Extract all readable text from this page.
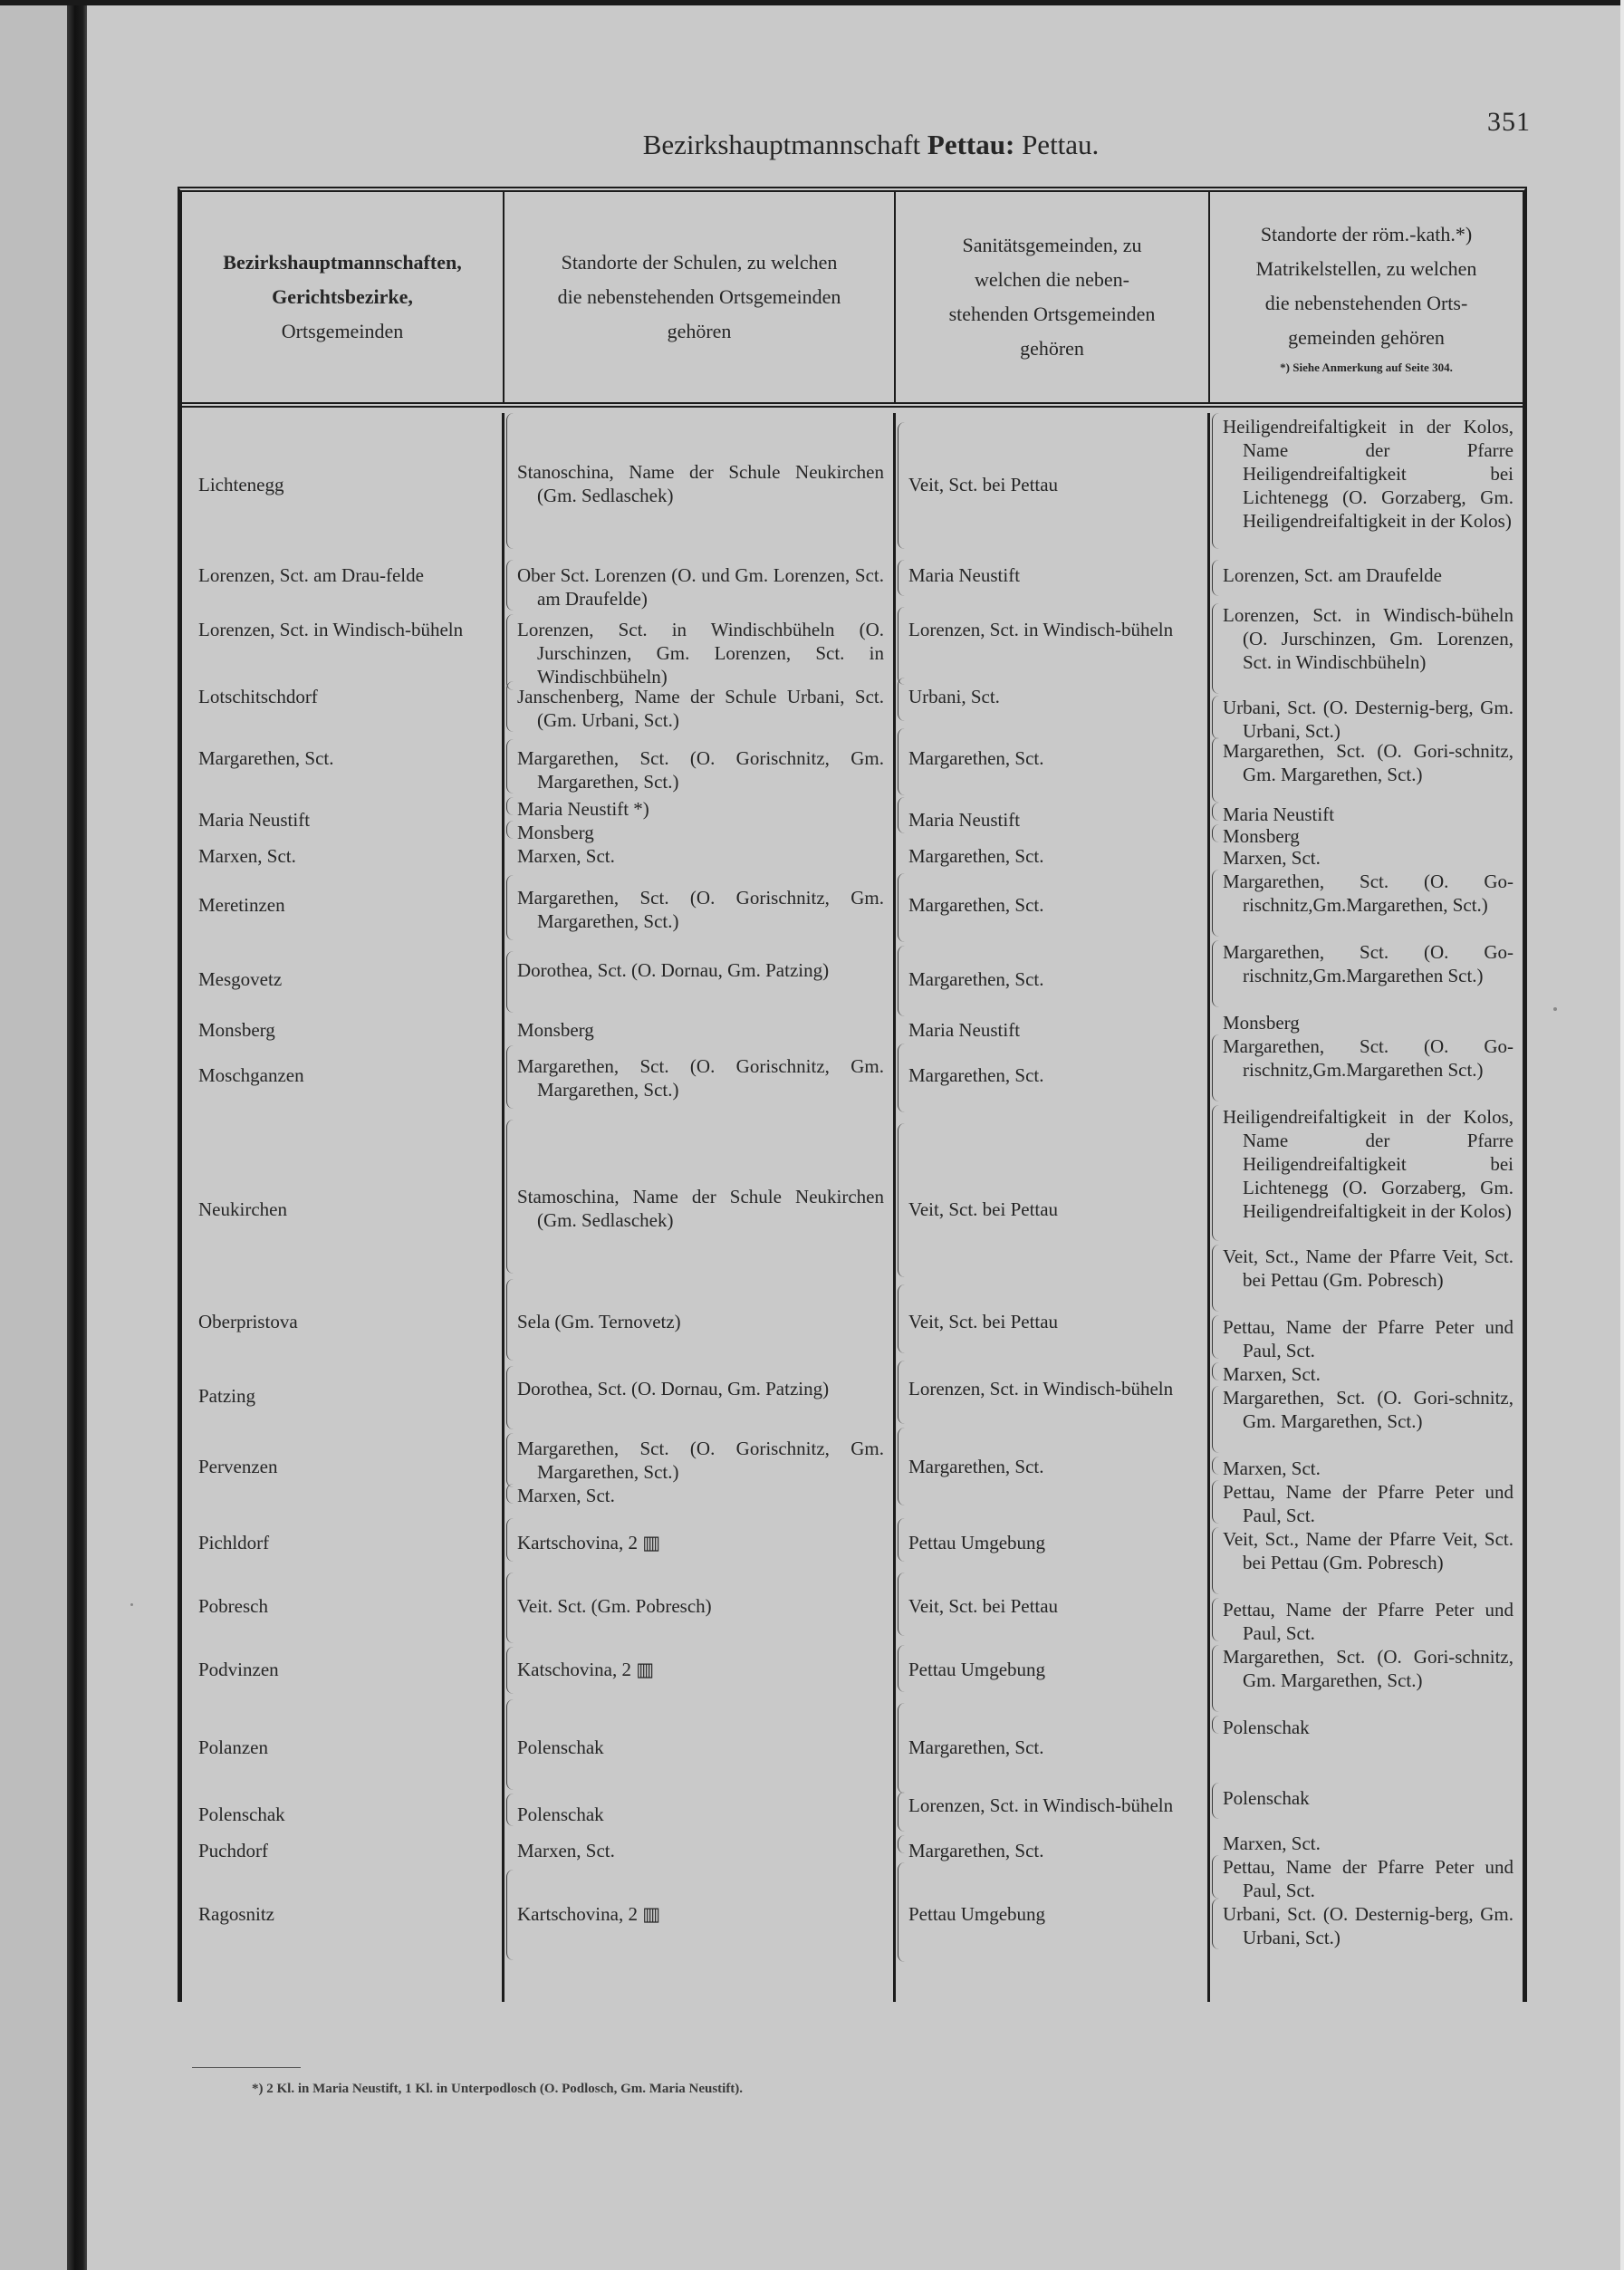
351
Bezirkshauptmannschaft Pettau: Pettau.
Bezirkshauptmannschaften,
Gerichtsbezirke,
Ortsgemeinden
Standorte der Schulen, zu welchen
die nebenstehenden Ortsgemeinden
gehören
Sanitätsgemeinden, zu
welchen die neben-
stehenden Ortsgemeinden
gehören
Standorte der röm.-kath.*)
Matrikelstellen, zu welchen
die nebenstehenden Orts-
gemeinden gehören
*) Siehe Anmerkung auf Seite 304.
Lichtenegg
Lorenzen, Sct. am Drau-felde
Lorenzen, Sct. in Windisch-büheln
Lotschitschdorf
Margarethen, Sct.
Maria Neustift
Marxen, Sct.
Meretinzen
Mesgovetz
Monsberg
Moschganzen
Neukirchen
Oberpristova
Patzing
Pervenzen
Pichldorf
Pobresch
Podvinzen
Polanzen
Polenschak
Puchdorf
Ragosnitz
Stanoschina, Name der Schule Neukirchen (Gm. Sedlaschek)
Ober Sct. Lorenzen (O. und Gm. Lorenzen, Sct. am Draufelde)
Lorenzen, Sct. in Windischbüheln (O. Jurschinzen, Gm. Lorenzen, Sct. in Windischbüheln)
Janschenberg, Name der Schule Urbani, Sct. (Gm. Urbani, Sct.)
Margarethen, Sct. (O. Gorischnitz, Gm. Margarethen, Sct.)
Maria Neustift *)
Monsberg
Marxen, Sct.
Margarethen, Sct. (O. Gorischnitz, Gm. Margarethen, Sct.)
Dorothea, Sct. (O. Dornau, Gm. Patzing)
Monsberg
Margarethen, Sct. (O. Gorischnitz, Gm. Margarethen, Sct.)
Stamoschina, Name der Schule Neukirchen (Gm. Sedlaschek)
Sela (Gm. Ternovetz)
Dorothea, Sct. (O. Dornau, Gm. Patzing)
Margarethen, Sct. (O. Gorischnitz, Gm. Margarethen, Sct.)
Marxen, Sct.
Kartschovina, 2 ▥
Veit. Sct. (Gm. Pobresch)
Katschovina, 2 ▥
Polenschak
Polenschak
Marxen, Sct.
Kartschovina, 2 ▥
Veit, Sct. bei Pettau
Maria Neustift
Lorenzen, Sct. in Windisch-büheln
Urbani, Sct.
Margarethen, Sct.
Maria Neustift
Margarethen, Sct.
Margarethen, Sct.
Margarethen, Sct.
Maria Neustift
Margarethen, Sct.
Veit, Sct. bei Pettau
Veit, Sct. bei Pettau
Lorenzen, Sct. in Windisch-büheln
Margarethen, Sct.
Pettau Umgebung
Veit, Sct. bei Pettau
Pettau Umgebung
Margarethen, Sct.
Lorenzen, Sct. in Windisch-büheln
Margarethen, Sct.
Pettau Umgebung
Heiligendreifaltigkeit in der Kolos, Name der Pfarre Heiligendreifaltigkeit bei Lichtenegg (O. Gorzaberg, Gm. Heiligendreifaltigkeit in der Kolos)
Lorenzen, Sct. am Draufelde
Lorenzen, Sct. in Windisch-büheln (O. Jurschinzen, Gm. Lorenzen, Sct. in Windischbüheln)
Urbani, Sct. (O. Desternig-berg, Gm. Urbani, Sct.)
Margarethen, Sct. (O. Gori-schnitz, Gm. Margarethen, Sct.)
Maria Neustift
Monsberg
Marxen, Sct.
Margarethen, Sct. (O. Go-rischnitz,Gm.Margarethen, Sct.)
Margarethen, Sct. (O. Go-rischnitz,Gm.Margarethen Sct.)
Monsberg
Margarethen, Sct. (O. Go-rischnitz,Gm.Margarethen Sct.)
Heiligendreifaltigkeit in der Kolos, Name der Pfarre Heiligendreifaltigkeit bei Lichtenegg (O. Gorzaberg, Gm. Heiligendreifaltigkeit in der Kolos)
Veit, Sct., Name der Pfarre Veit, Sct. bei Pettau (Gm. Pobresch)
Pettau, Name der Pfarre Peter und Paul, Sct.
Marxen, Sct.
Margarethen, Sct. (O. Gori-schnitz, Gm. Margarethen, Sct.)
Marxen, Sct.
Pettau, Name der Pfarre Peter und Paul, Sct.
Veit, Sct., Name der Pfarre Veit, Sct. bei Pettau (Gm. Pobresch)
Pettau, Name der Pfarre Peter und Paul, Sct.
Margarethen, Sct. (O. Gori-schnitz, Gm. Margarethen, Sct.)
Polenschak
Polenschak
Marxen, Sct.
Pettau, Name der Pfarre Peter und Paul, Sct.
Urbani, Sct. (O. Desternig-berg, Gm. Urbani, Sct.)
*) 2 Kl. in Maria Neustift, 1 Kl. in Unterpodlosch (O. Podlosch, Gm. Maria Neustift).
